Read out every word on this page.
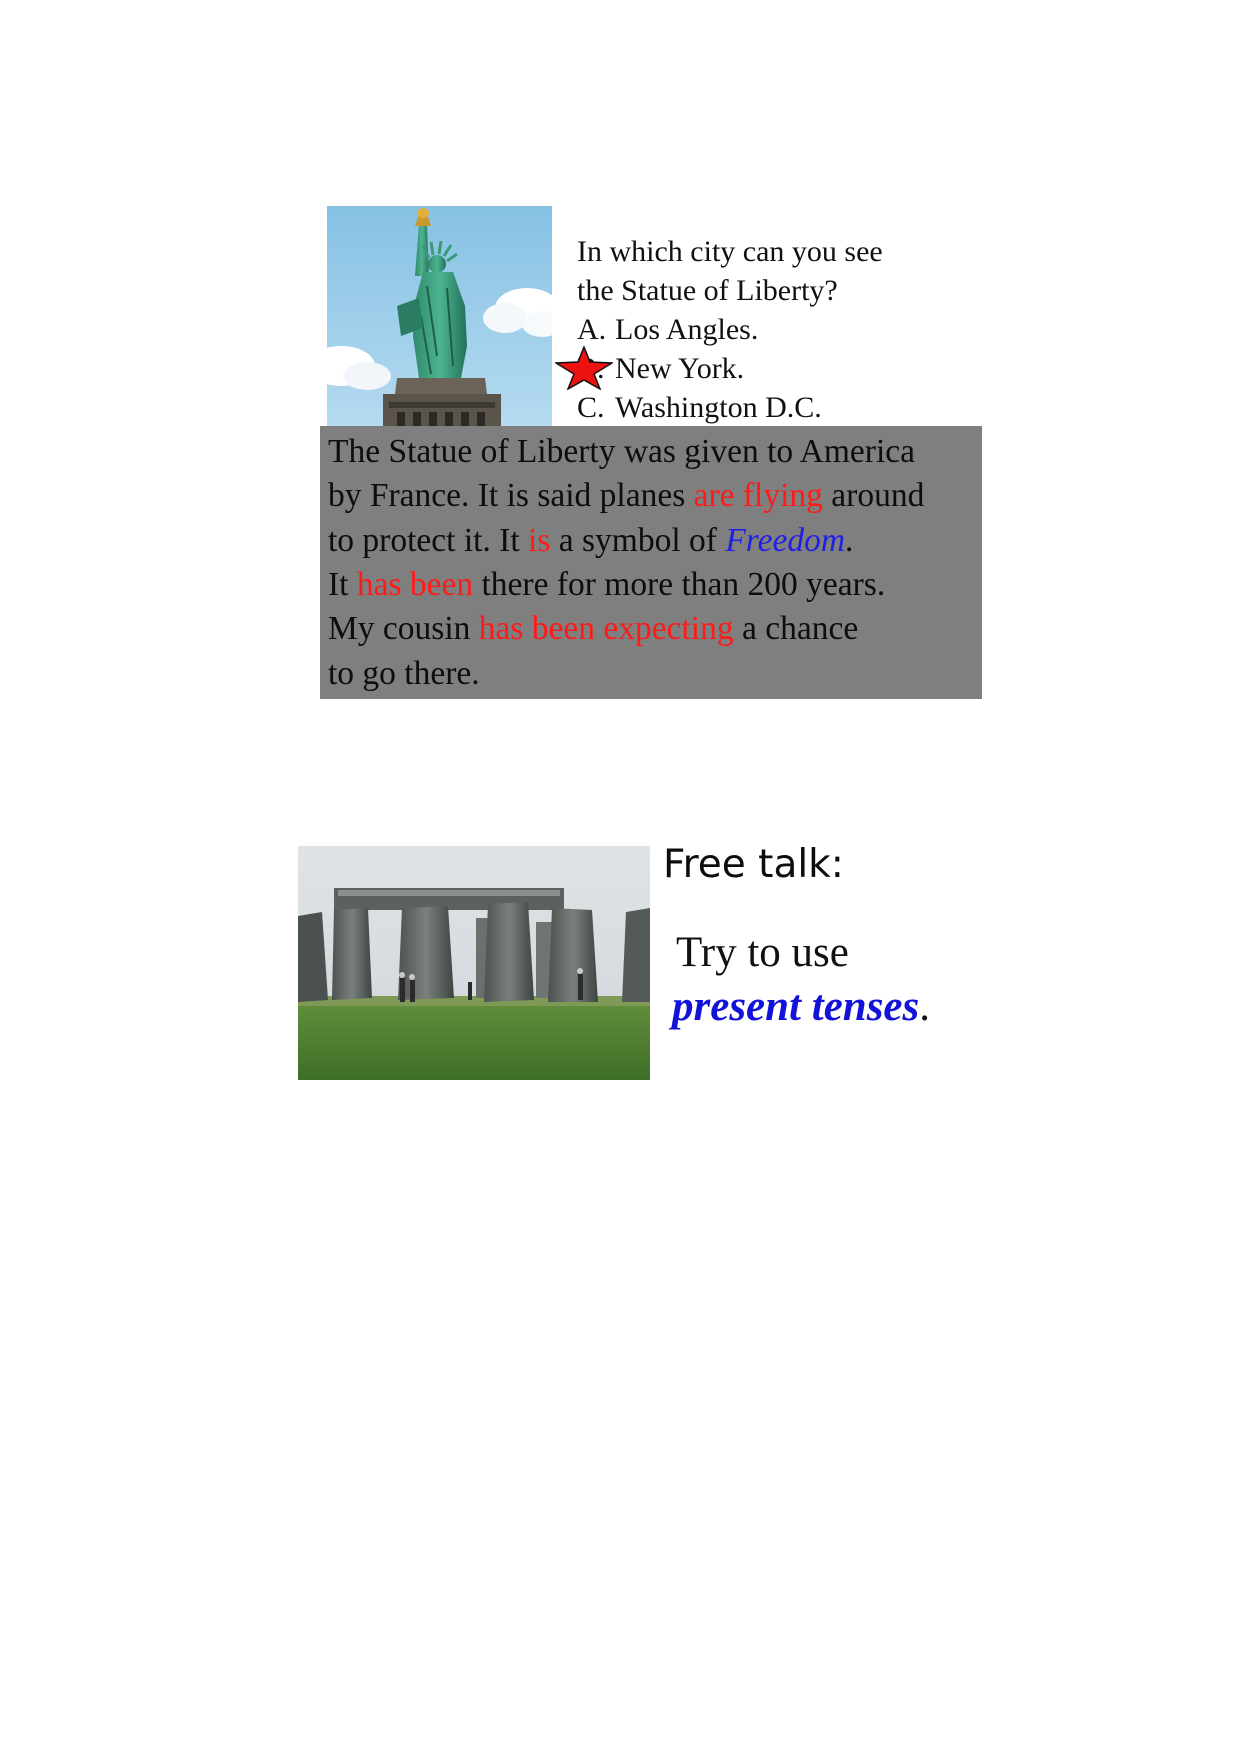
In which city can you see
the Statue of Liberty?
A. Los Angles.
New York.
C. Washington D.C.
The Statue of Liberty was given to America
by France. It is said planes are flying around
to protect it. It is a symbol of Freedom.
It has been there for more than 200 years.
My cousin has been expecting a chance
to go there.
Free talk:
Try to use
present tenses.
